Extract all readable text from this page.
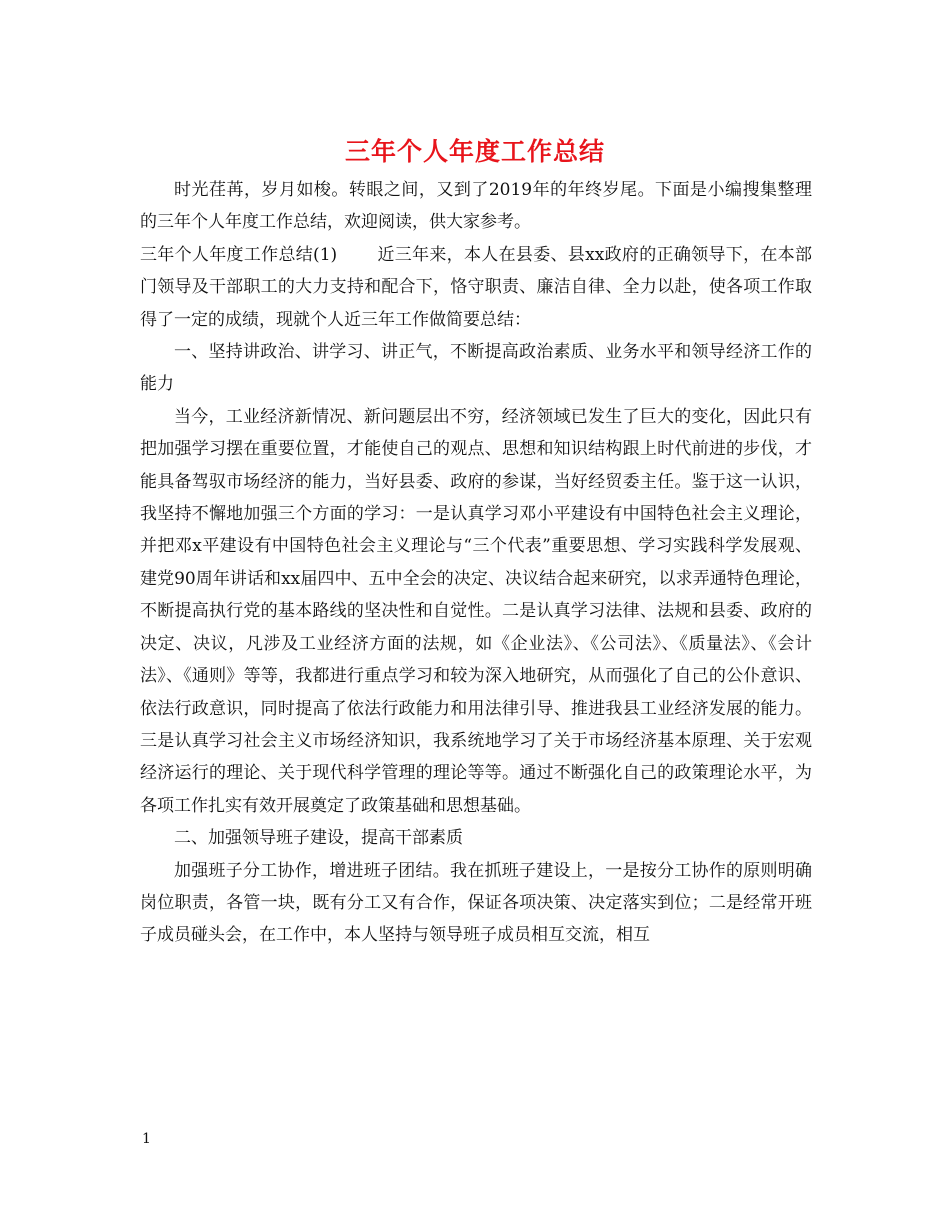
三年个人年度工作总结

时光荏苒，岁月如梭。转眼之间，又到了2019年的年终岁尾。下面是小编搜集整理的三年个人年度工作总结，欢迎阅读，供大家参考。

三年个人年度工作总结(1) 近三年来，本人在县委、县xx政府的正确领导下，在本部门领导及干部职工的大力支持和配合下，恪守职责、廉洁自律、全力以赴，使各项工作取得了一定的成绩，现就个人近三年工作做简要总结：

一、坚持讲政治、讲学习、讲正气，不断提高政治素质、业务水平和领导经济工作的能力

当今，工业经济新情况、新问题层出不穷，经济领域已发生了巨大的变化，因此只有把加强学习摆在重要位置，才能使自己的观点、思想和知识结构跟上时代前进的步伐，才能具备驾驭市场经济的能力，当好县委、政府的参谋，当好经贸委主任。鉴于这一认识，我坚持不懈地加强三个方面的学习：一是认真学习邓小平建设有中国特色社会主义理论，并把邓x平建设有中国特色社会主义理论与“三个代表”重要思想、学习实践科学发展观、建党90周年讲话和xx届四中、五中全会的决定、决议结合起来研究，以求弄通特色理论，不断提高执行党的基本路线的坚决性和自觉性。二是认真学习法律、法规和县委、政府的决定、决议，凡涉及工业经济方面的法规，如《企业法》、《公司法》、《质量法》、《会计法》、《通则》等等，我都进行重点学习和较为深入地研究，从而强化了自己的公仆意识、依法行政意识，同时提高了依法行政能力和用法律引导、推进我县工业经济发展的能力。三是认真学习社会主义市场经济知识，我系统地学习了关于市场经济基本原理、关于宏观经济运行的理论、关于现代科学管理的理论等等。通过不断强化自己的政策理论水平，为各项工作扎实有效开展奠定了政策基础和思想基础。

二、加强领导班子建设，提高干部素质

加强班子分工协作，增进班子团结。我在抓班子建设上，一是按分工协作的原则明确岗位职责，各管一块，既有分工又有合作，保证各项决策、决定落实到位；二是经常开班子成员碰头会，在工作中，本人坚持与领导班子成员相互交流，相互

1
